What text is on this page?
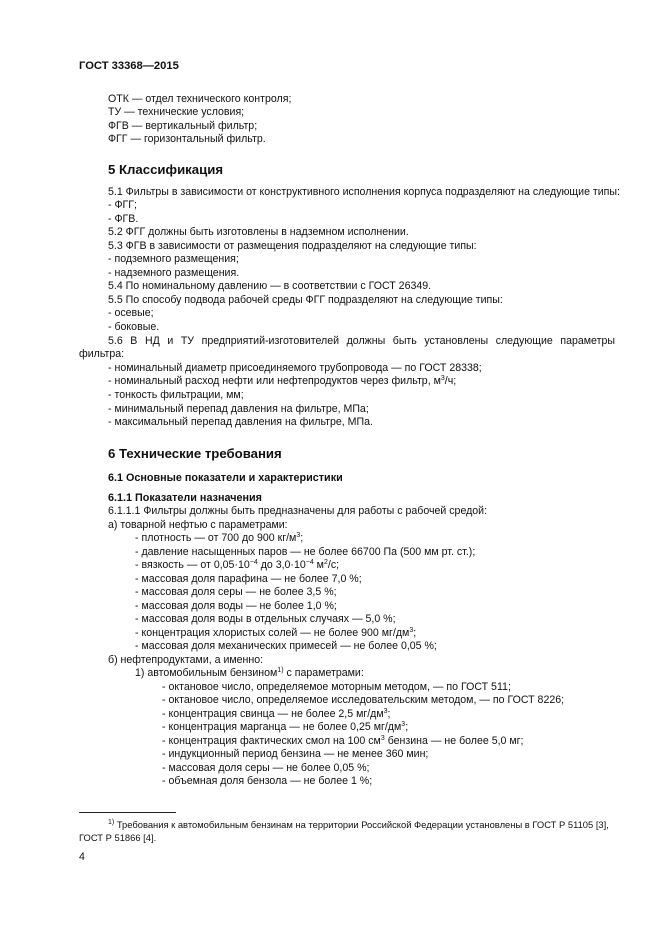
ГОСТ 33368—2015
ОТК — отдел технического контроля;
ТУ — технические условия;
ФГВ — вертикальный фильтр;
ФГГ — горизонтальный фильтр.
5 Классификация
5.1 Фильтры в зависимости от конструктивного исполнения корпуса подразделяют на следующие типы:
- ФГГ;
- ФГВ.
5.2 ФГГ должны быть изготовлены в надземном исполнении.
5.3 ФГВ в зависимости от размещения подразделяют на следующие типы:
- подземного размещения;
- надземного размещения.
5.4 По номинальному давлению — в соответствии с ГОСТ 26349.
5.5 По способу подвода рабочей среды ФГГ подразделяют на следующие типы:
- осевые;
- боковые.
5.6 В НД и ТУ предприятий-изготовителей должны быть установлены следующие параметры
фильтра:
- номинальный диаметр присоединяемого трубопровода — по ГОСТ 28338;
- номинальный расход нефти или нефтепродуктов через фильтр, $м^3/ч$;
- тонкость фильтрации, мм;
- минимальный перепад давления на фильтре, МПа;
- максимальный перепад давления на фильтре, МПа.
6 Технические требования
6.1 Основные показатели и характеристики
6.1.1 Показатели назначения
6.1.1.1 Фильтры должны быть предназначены для работы с рабочей средой:
а) товарной нефтью с параметрами:
- плотность — от 700 до 900 $кг/м^3$;
- давление насыщенных паров — не более 66700 Па (500 мм рт. ст.);
- вязкость — от $0,05\cdot 10^{-4}$ до $3,0\cdot 10^{-4}$ $м^2/с$;
- массовая доля парафина — не более 7,0 %;
- массовая доля серы — не более 3,5 %;
- массовая доля воды — не более 1,0 %;
- массовая доля воды в отдельных случаях — 5,0 %;
- концентрация хлористых солей — не более 900 $мг/дм^3$;
- массовая доля механических примесей — не более 0,05 %;
б) нефтепродуктами, а именно:
1) автомобильным бензином$^{1)}$ с параметрами:
- октановое число, определяемое моторным методом, — по ГОСТ 511;
- октановое число, определяемое исследовательским методом, — по ГОСТ 8226;
- концентрация свинца — не более 2,5 $мг/дм^3$;
- концентрация марганца — не более 0,25 $мг/дм^3$;
- концентрация фактических смол на 100 $см^3$ бензина — не более 5,0 мг;
- индукционный период бензина — не менее 360 мин;
- массовая доля серы — не более 0,05 %;
- объемная доля бензола — не более 1 %;
$^{1)}$ Требования к автомобильным бензинам на территории Российской Федерации установлены в ГОСТ Р 51105 [3],
ГОСТ Р 51866 [4].
4
